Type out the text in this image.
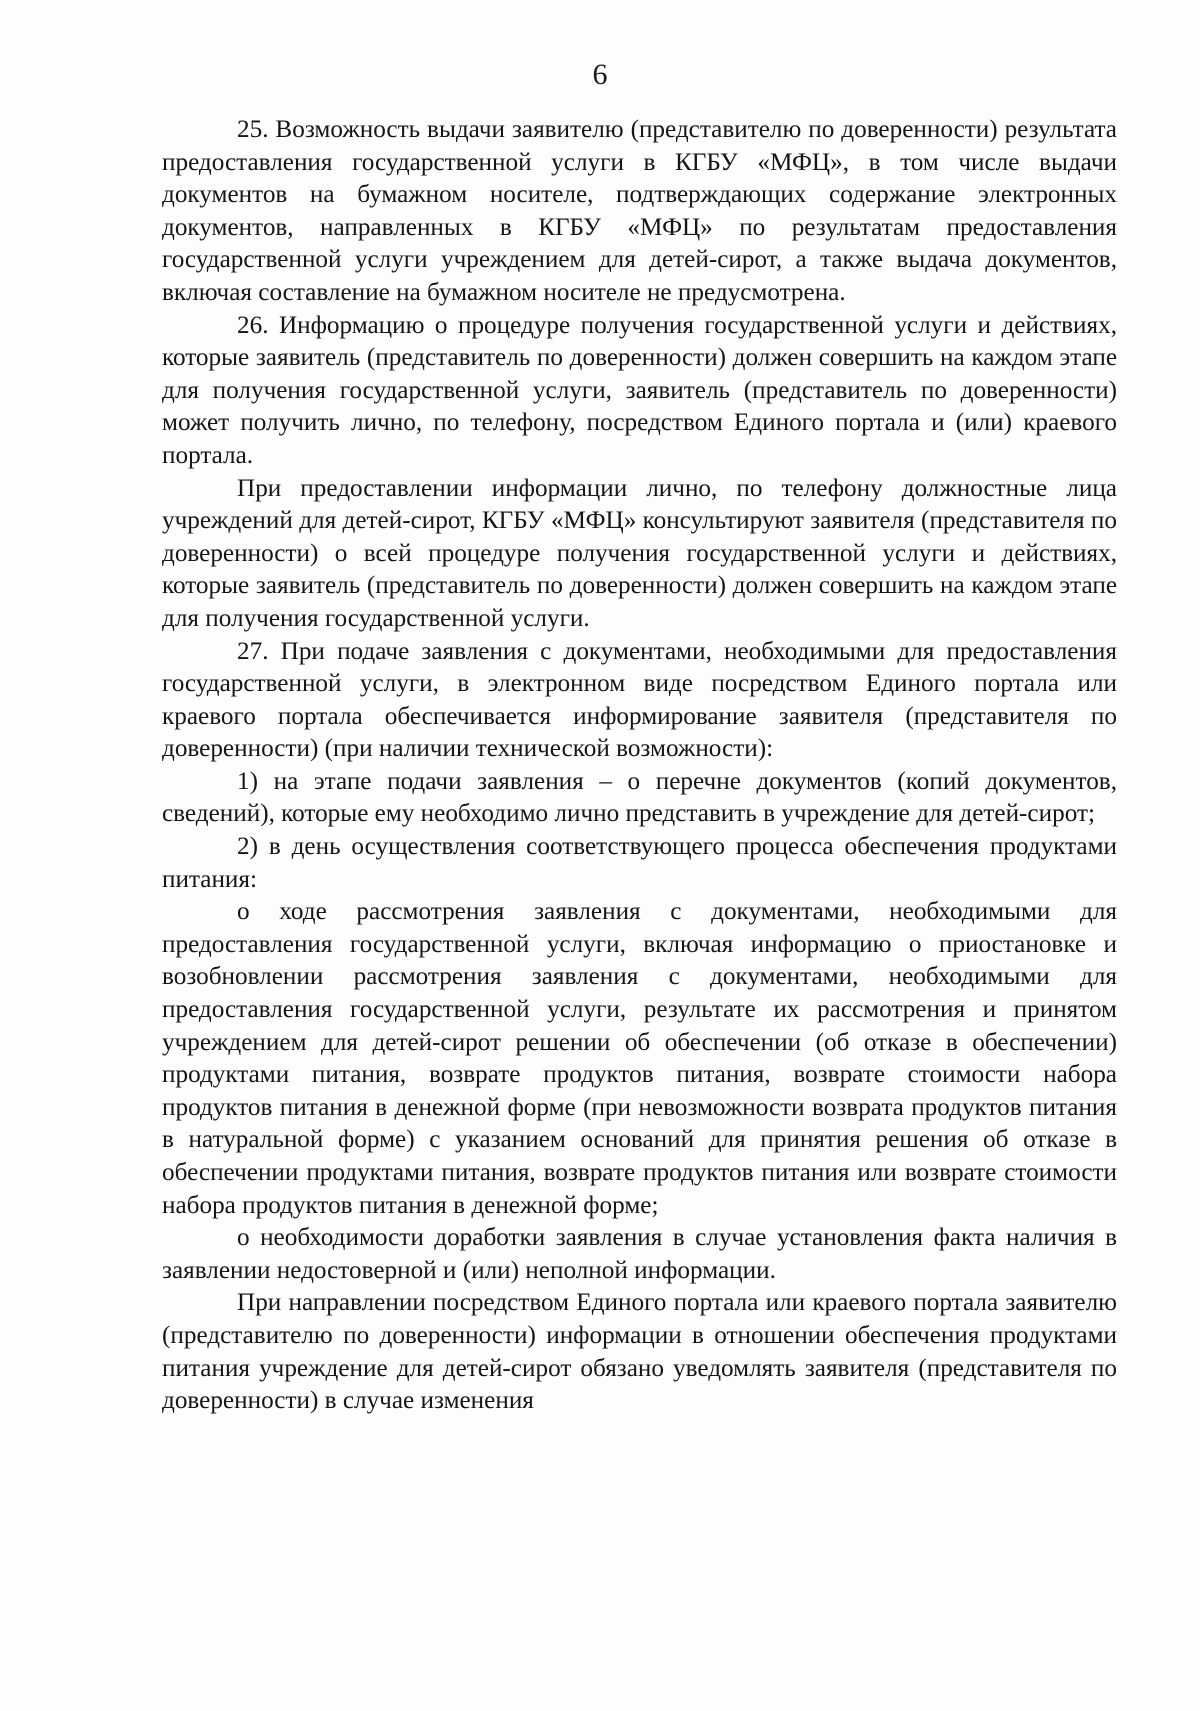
6

25. Возможность выдачи заявителю (представителю по доверенности) результата предоставления государственной услуги в КГБУ «МФЦ», в том числе выдачи документов на бумажном носителе, подтверждающих содержание электронных документов, направленных в КГБУ «МФЦ» по результатам предоставления государственной услуги учреждением для детей-сирот, а также выдача документов, включая составление на бумажном носителе не предусмотрена.

26. Информацию о процедуре получения государственной услуги и действиях, которые заявитель (представитель по доверенности) должен совершить на каждом этапе для получения государственной услуги, заявитель (представитель по доверенности) может получить лично, по телефону, посредством Единого портала и (или) краевого портала.

При предоставлении информации лично, по телефону должностные лица учреждений для детей-сирот, КГБУ «МФЦ» консультируют заявителя (представителя по доверенности) о всей процедуре получения государственной услуги и действиях, которые заявитель (представитель по доверенности) должен совершить на каждом этапе для получения государственной услуги.

27. При подаче заявления с документами, необходимыми для предоставления государственной услуги, в электронном виде посредством Единого портала или краевого портала обеспечивается информирование заявителя (представителя по доверенности) (при наличии технической возможности):

1) на этапе подачи заявления – о перечне документов (копий документов, сведений), которые ему необходимо лично представить в учреждение для детей-сирот;

2) в день осуществления соответствующего процесса обеспечения продуктами питания:

о ходе рассмотрения заявления с документами, необходимыми для предоставления государственной услуги, включая информацию о приостановке и возобновлении рассмотрения заявления с документами, необходимыми для предоставления государственной услуги, результате их рассмотрения и принятом учреждением для детей-сирот решении об обеспечении (об отказе в обеспечении) продуктами питания, возврате продуктов питания, возврате стоимости набора продуктов питания в денежной форме (при невозможности возврата продуктов питания в натуральной форме) с указанием оснований для принятия решения об отказе в обеспечении продуктами питания, возврате продуктов питания или возврате стоимости набора продуктов питания в денежной форме;

о необходимости доработки заявления в случае установления факта наличия в заявлении недостоверной и (или) неполной информации.

При направлении посредством Единого портала или краевого портала заявителю (представителю по доверенности) информации в отношении обеспечения продуктами питания учреждение для детей-сирот обязано уведомлять заявителя (представителя по доверенности) в случае изменения
